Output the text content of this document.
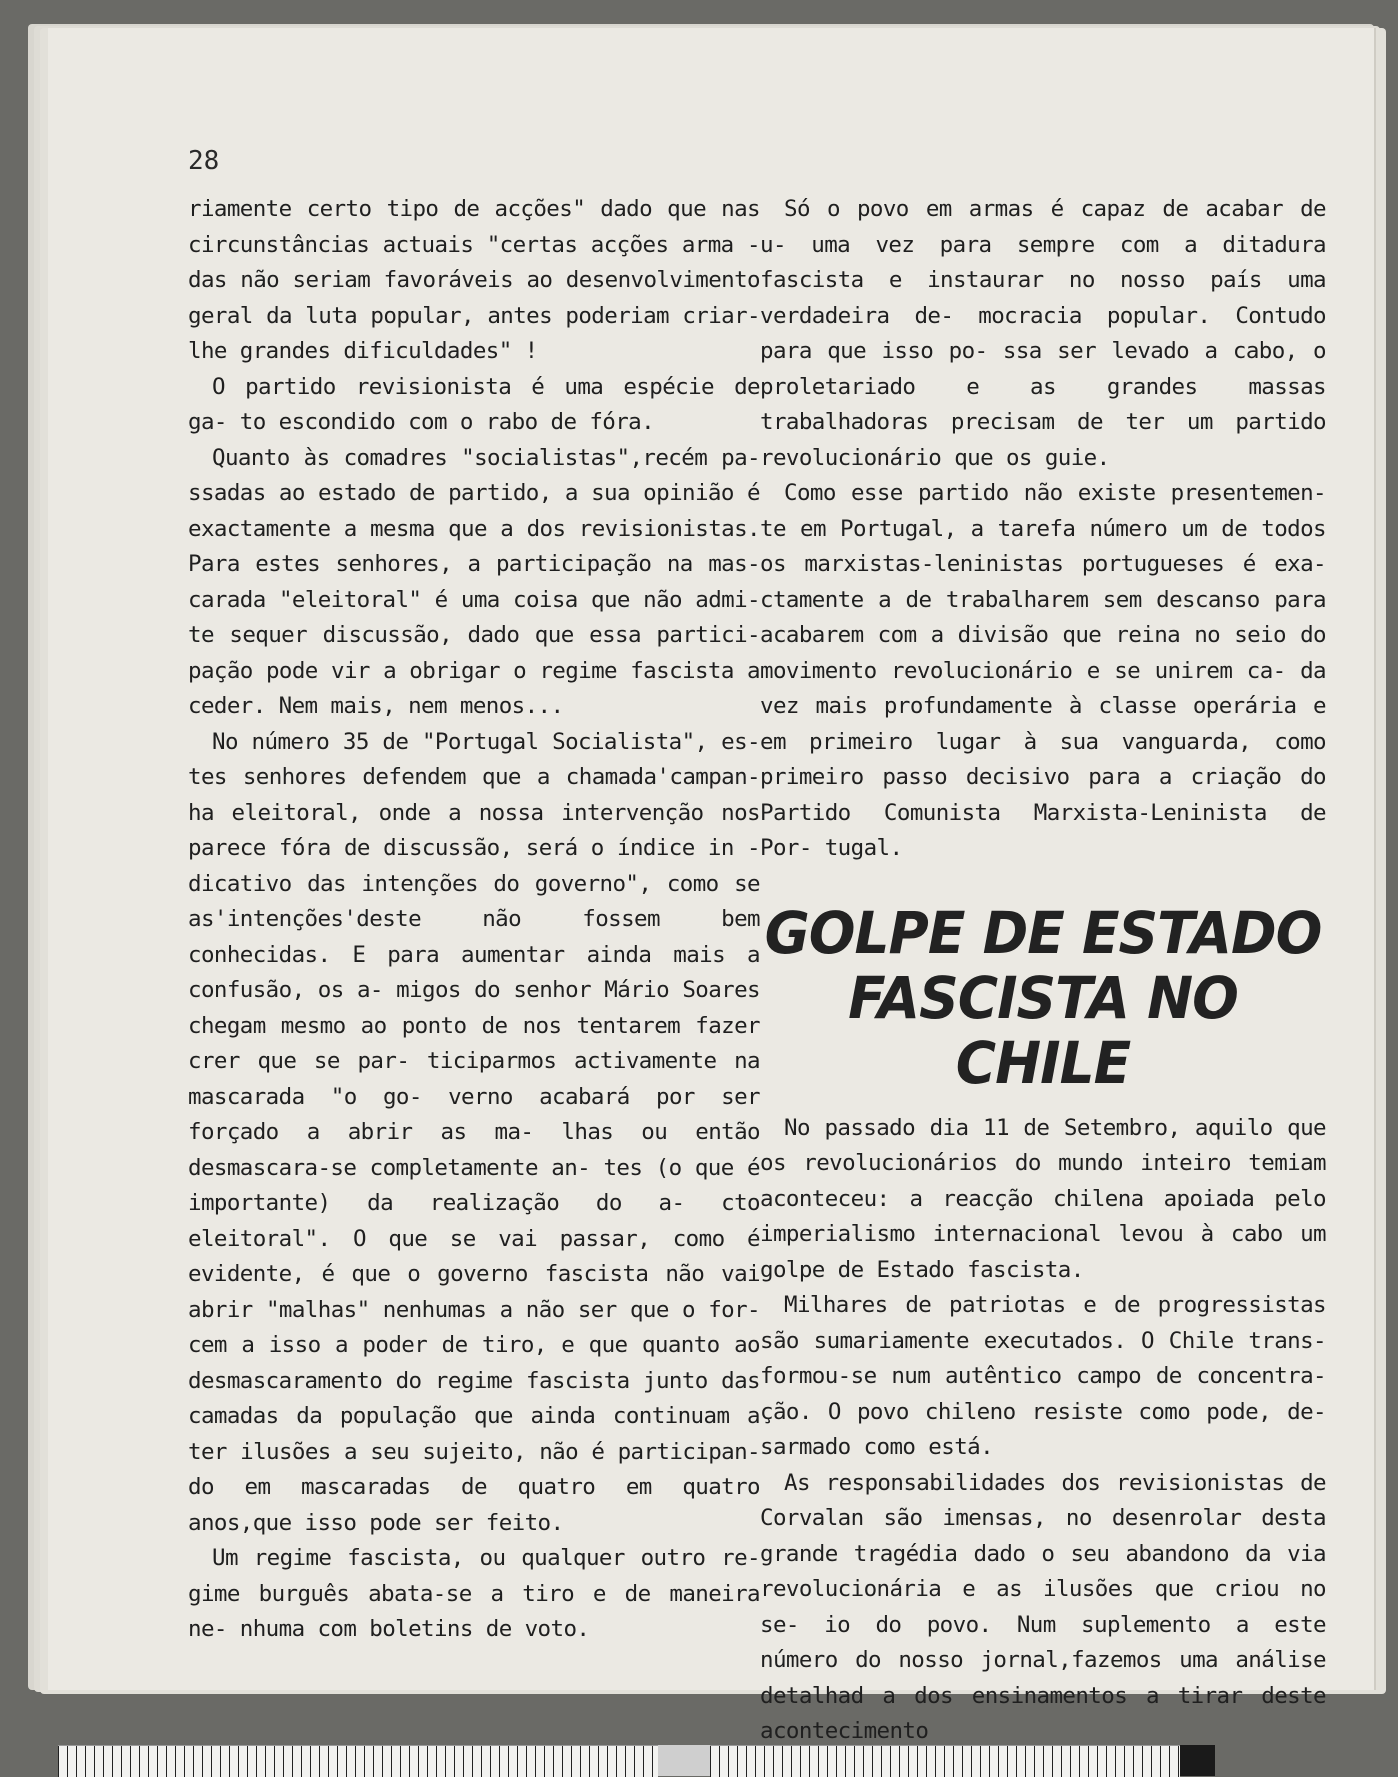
28

riamente certo tipo de acções" dado que nas circunstâncias actuais "certas acções arma - das não seriam favoráveis ao desenvolvimento geral da luta popular, antes poderiam criar- lhe grandes dificuldades" !

O partido revisionista é uma espécie de ga- to escondido com o rabo de fóra.

Quanto às comadres "socialistas",recém pa- ssadas ao estado de partido, a sua opinião é exactamente a mesma que a dos revisionistas. Para estes senhores, a participação na mas- carada "eleitoral" é uma coisa que não admi- te sequer discussão, dado que essa partici- pação pode vir a obrigar o regime fascista a ceder. Nem mais, nem menos...

No número 35 de "Portugal Socialista", es- tes senhores defendem que a chamada'campan- ha eleitoral, onde a nossa intervenção nos parece fóra de discussão, será o índice in - dicativo das intenções do governo", como se as'intenções'deste não fossem bem conhecidas. E para aumentar ainda mais a confusão, os a- migos do senhor Mário Soares chegam mesmo ao ponto de nos tentarem fazer crer que se par- ticiparmos activamente na mascarada "o go- verno acabará por ser forçado a abrir as ma- lhas ou então desmascara-se completamente an- tes (o que é importante) da realização do a- cto eleitoral". O que se vai passar, como é evidente, é que o governo fascista não vai abrir "malhas" nenhumas a não ser que o for- cem a isso a poder de tiro, e que quanto ao desmascaramento do regime fascista junto das camadas da população que ainda continuam a ter ilusões a seu sujeito, não é participan- do em mascaradas de quatro em quatro anos,que isso pode ser feito.

Um regime fascista, ou qualquer outro re- gime burguês abata-se a tiro e de maneira ne- nhuma com boletins de voto.

Só o povo em armas é capaz de acabar de u- uma vez para sempre com a ditadura fascista e instaurar no nosso país uma verdadeira de- mocracia popular. Contudo para que isso po- ssa ser levado a cabo, o proletariado e as grandes massas trabalhadoras precisam de ter um partido revolucionário que os guie.

Como esse partido não existe presentemen- te em Portugal, a tarefa número um de todos os marxistas-leninistas portugueses é exa- ctamente a de trabalharem sem descanso para acabarem com a divisão que reina no seio do movimento revolucionário e se unirem ca- da vez mais profundamente à classe operária e em primeiro lugar à sua vanguarda, como primeiro passo decisivo para a criação do Partido Comunista Marxista-Leninista de Por- tugal.

GOLPE DE ESTADO
FASCISTA NO CHILE

No passado dia 11 de Setembro, aquilo que os revolucionários do mundo inteiro temiam aconteceu: a reacção chilena apoiada pelo imperialismo internacional levou à cabo um golpe de Estado fascista.

Milhares de patriotas e de progressistas são sumariamente executados. O Chile trans- formou-se num autêntico campo de concentra- ção. O povo chileno resiste como pode, de- sarmado como está.

As responsabilidades dos revisionistas de Corvalan são imensas, no desenrolar desta grande tragédia dado o seu abandono da via revolucionária e as ilusões que criou no se- io do povo. Num suplemento a este número do nosso jornal,fazemos uma análise detalhad a dos ensinamentos a tirar deste acontecimento
